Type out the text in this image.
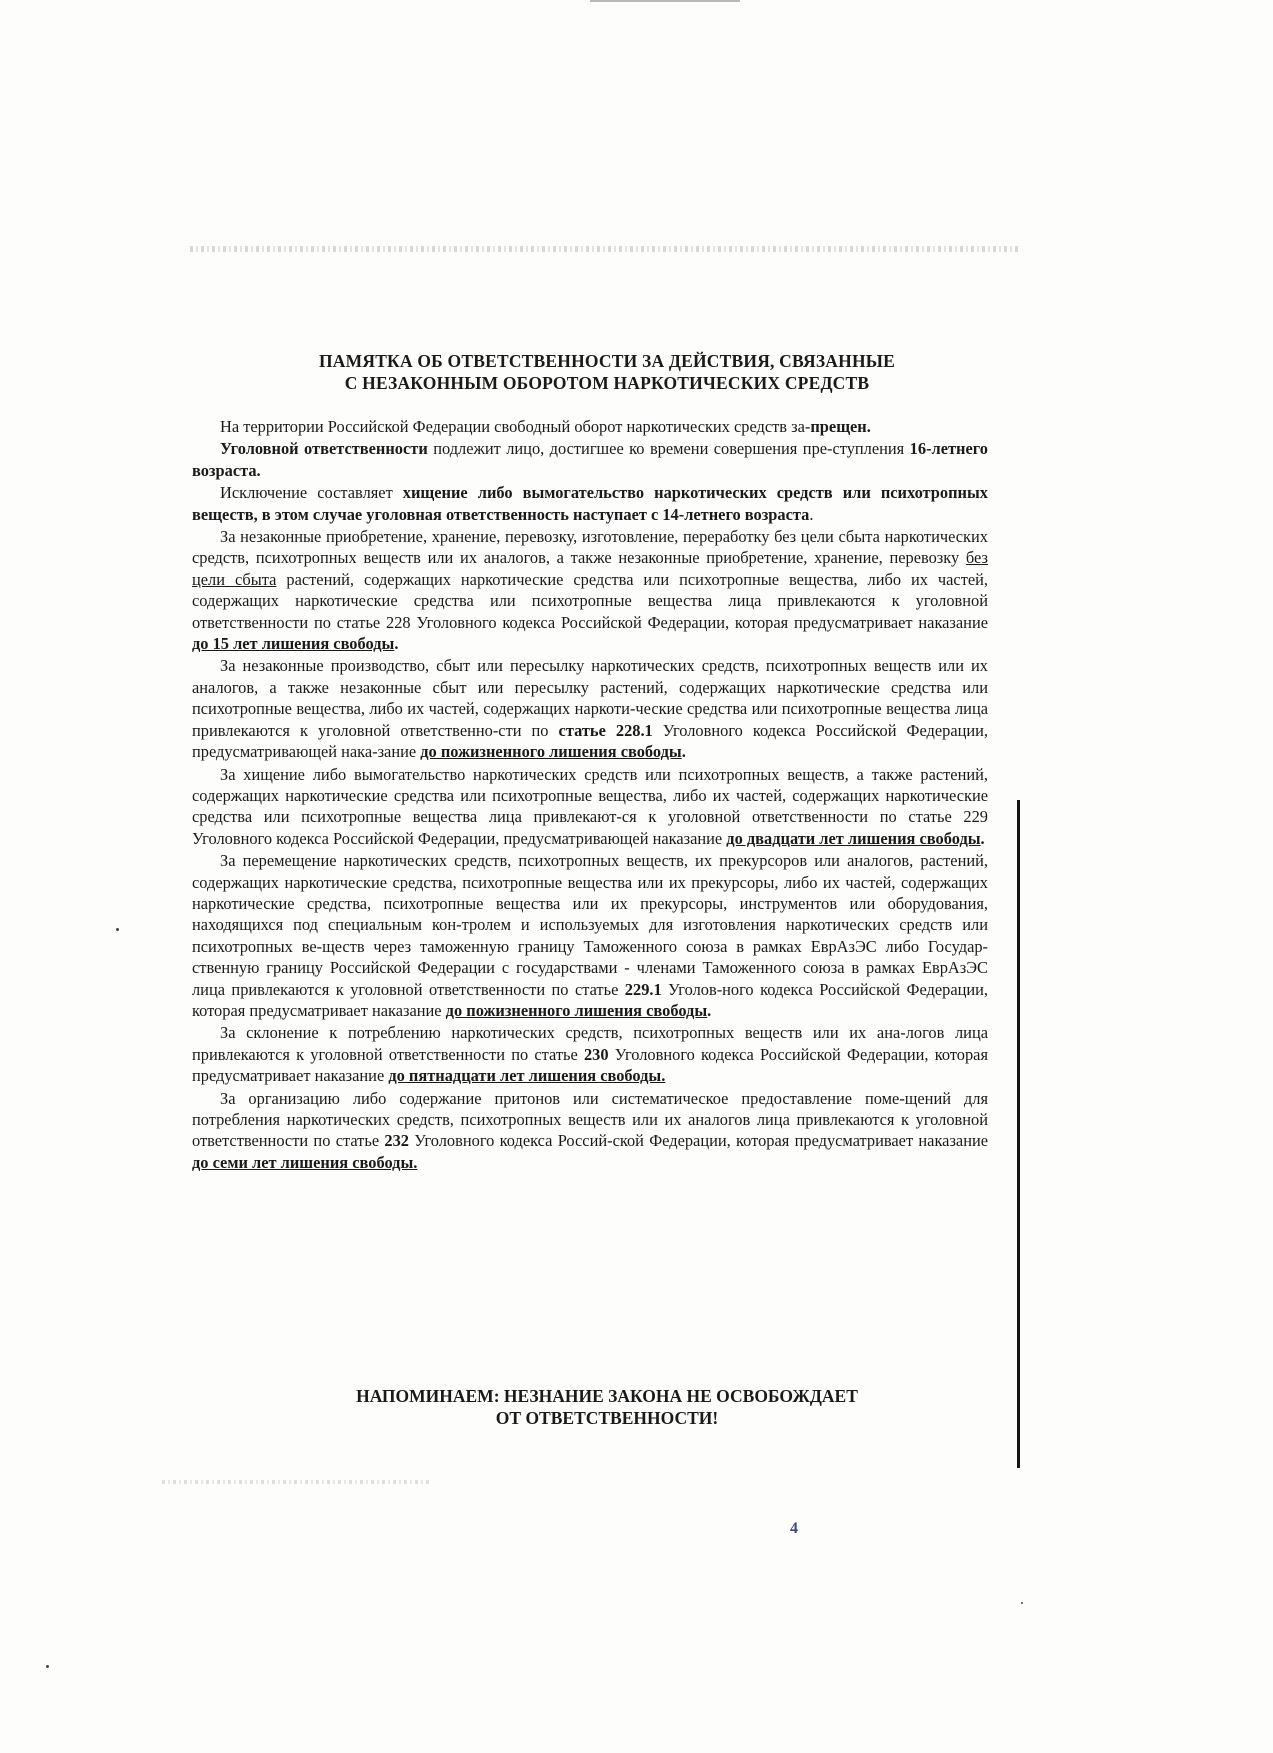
ПАМЯТКА ОБ ОТВЕТСТВЕННОСТИ ЗА ДЕЙСТВИЯ, СВЯЗАННЫЕ
С НЕЗАКОННЫМ ОБОРОТОМ НАРКОТИЧЕСКИХ СРЕДСТВ

На территории Российской Федерации свободный оборот наркотических средств за-прещен.

Уголовной ответственности подлежит лицо, достигшее ко времени совершения пре-ступления 16-летнего возраста.

Исключение составляет хищение либо вымогательство наркотических средств или психотропных веществ, в этом случае уголовная ответственность наступает с 14-летнего возраста.

За незаконные приобретение, хранение, перевозку, изготовление, переработку без цели сбыта наркотических средств, психотропных веществ или их аналогов, а также незаконные приобретение, хранение, перевозку без цели сбыта растений, содержащих наркотические средства или психотропные вещества, либо их частей, содержащих наркотические средства или психотропные вещества лица привлекаются к уголовной ответственности по статье 228 Уголовного кодекса Российской Федерации, которая предусматривает наказание до 15 лет лишения свободы.

За незаконные производство, сбыт или пересылку наркотических средств, психотропных веществ или их аналогов, а также незаконные сбыт или пересылку растений, содержащих наркотические средства или психотропные вещества, либо их частей, содержащих наркоти-ческие средства или психотропные вещества лица привлекаются к уголовной ответственно-сти по статье 228.1 Уголовного кодекса Российской Федерации, предусматривающей нака-зание до пожизненного лишения свободы.

За хищение либо вымогательство наркотических средств или психотропных веществ, а также растений, содержащих наркотические средства или психотропные вещества, либо их частей, содержащих наркотические средства или психотропные вещества лица привлекают-ся к уголовной ответственности по статье 229 Уголовного кодекса Российской Федерации, предусматривающей наказание до двадцати лет лишения свободы.

За перемещение наркотических средств, психотропных веществ, их прекурсоров или аналогов, растений, содержащих наркотические средства, психотропные вещества или их прекурсоры, либо их частей, содержащих наркотические средства, психотропные вещества или их прекурсоры, инструментов или оборудования, находящихся под специальным кон-тролем и используемых для изготовления наркотических средств или психотропных ве-ществ через таможенную границу Таможенного союза в рамках ЕврАзЭС либо Государ-ственную границу Российской Федерации с государствами - членами Таможенного союза в рамках ЕврАзЭС лица привлекаются к уголовной ответственности по статье 229.1 Уголов-ного кодекса Российской Федерации, которая предусматривает наказание до пожизненного лишения свободы.

За склонение к потреблению наркотических средств, психотропных веществ или их ана-логов лица привлекаются к уголовной ответственности по статье 230 Уголовного кодекса Российской Федерации, которая предусматривает наказание до пятнадцати лет лишения свободы.

За организацию либо содержание притонов или систематическое предоставление поме-щений для потребления наркотических средств, психотропных веществ или их аналогов лица привлекаются к уголовной ответственности по статье 232 Уголовного кодекса Россий-ской Федерации, которая предусматривает наказание до семи лет лишения свободы.

НАПОМИНАЕМ: НЕЗНАНИЕ ЗАКОНА НЕ ОСВОБОЖДАЕТ
ОТ ОТВЕТСТВЕННОСТИ!
4
